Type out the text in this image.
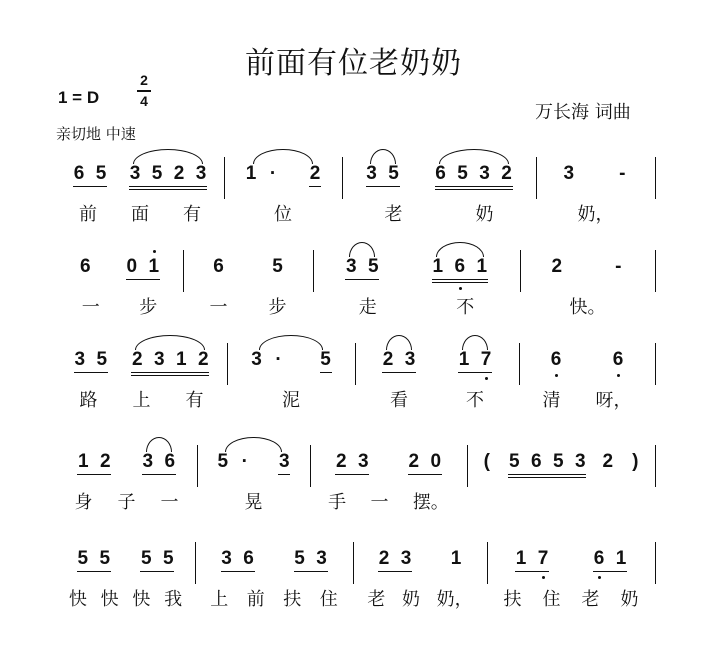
前面有位老奶奶
1 = D
2
4
亲切地 中速
万长海 词曲
6 5 3 5 2 3
前 面 有
1 · 2
位
3 5 6 5 3 2
老	奶
3 -
奶，
6 0 1
一 步
6	5
一 步
3 5	1 6 1
走	不
2	-
快。
3 5 2 3 1 2
路 上 有
3 · 5
泥
2 3 1 7
看	不
6	6
清 呀，
1 2 3 6
身 子 一
5 · 3
晃
2 3 2 0
手 一 摆。
( 5 6 5 3 2 )
5 5 5 5
快 快 快 我
3 6 5 3
上 前 扶 住
2 3 1
老 奶 奶，
1 7 6 1
扶 住 老 奶
